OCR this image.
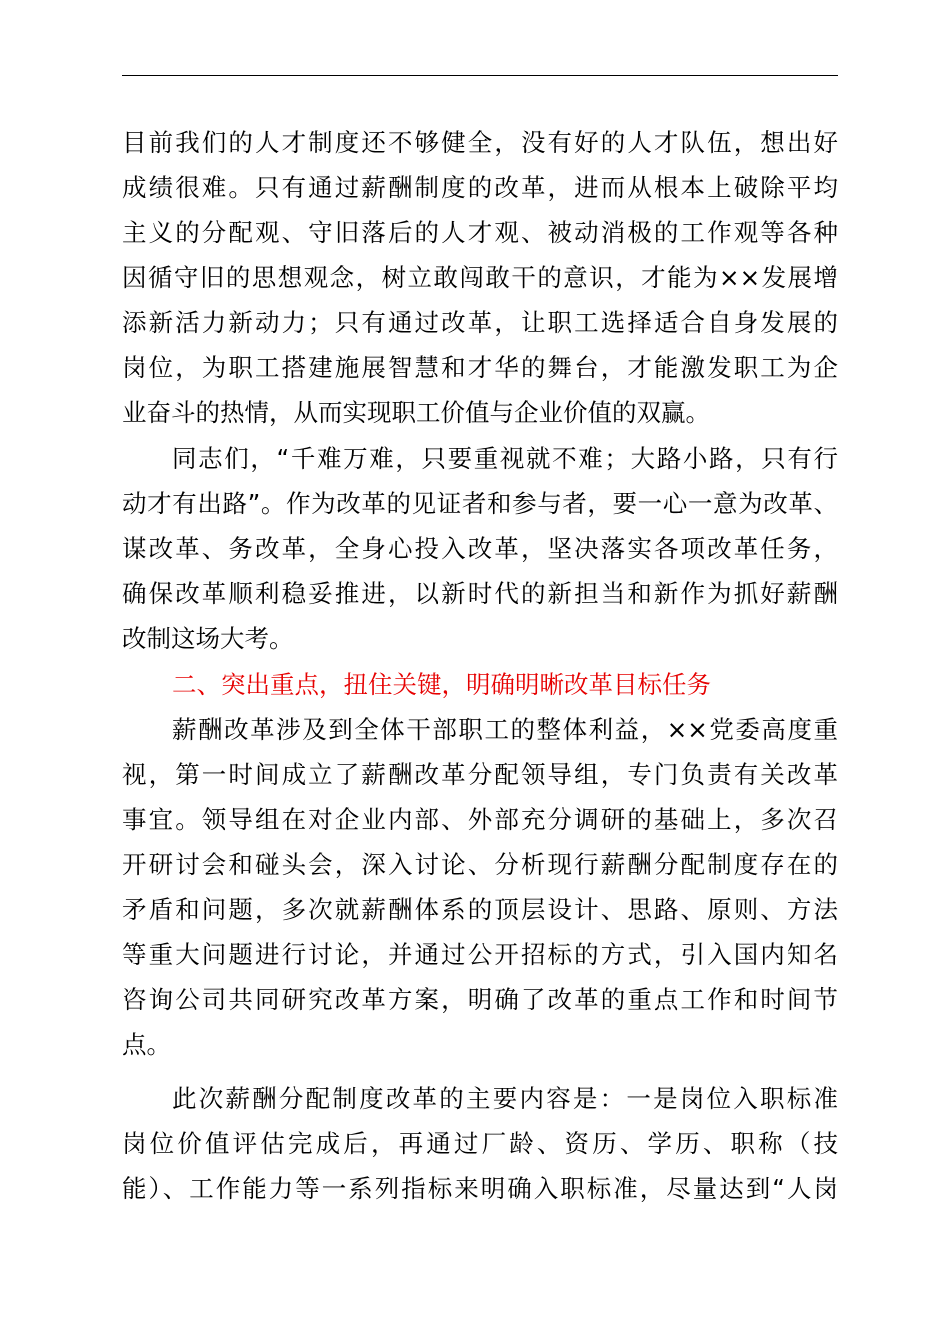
目前我们的人才制度还不够健全，没有好的人才队伍，想出好
成绩很难。只有通过薪酬制度的改革，进而从根本上破除平均
主义的分配观、守旧落后的人才观、被动消极的工作观等各种
因循守旧的思想观念，树立敢闯敢干的意识，才能为××发展增
添新活力新动力；只有通过改革，让职工选择适合自身发展的
岗位，为职工搭建施展智慧和才华的舞台，才能激发职工为企
业奋斗的热情，从而实现职工价值与企业价值的双赢。
同志们，“千难万难，只要重视就不难；大路小路，只有行
动才有出路”。作为改革的见证者和参与者，要一心一意为改革、
谋改革、务改革，全身心投入改革，坚决落实各项改革任务，
确保改革顺利稳妥推进，以新时代的新担当和新作为抓好薪酬
改制这场大考。
二、突出重点，扭住关键，明确明晰改革目标任务
薪酬改革涉及到全体干部职工的整体利益，××党委高度重
视，第一时间成立了薪酬改革分配领导组，专门负责有关改革
事宜。领导组在对企业内部、外部充分调研的基础上，多次召
开研讨会和碰头会，深入讨论、分析现行薪酬分配制度存在的
矛盾和问题，多次就薪酬体系的顶层设计、思路、原则、方法
等重大问题进行讨论，并通过公开招标的方式，引入国内知名
咨询公司共同研究改革方案，明确了改革的重点工作和时间节
点。
此次薪酬分配制度改革的主要内容是：一是岗位入职标准
岗位价值评估完成后，再通过厂龄、资历、学历、职称（技
能）、工作能力等一系列指标来明确入职标准，尽量达到“人岗
